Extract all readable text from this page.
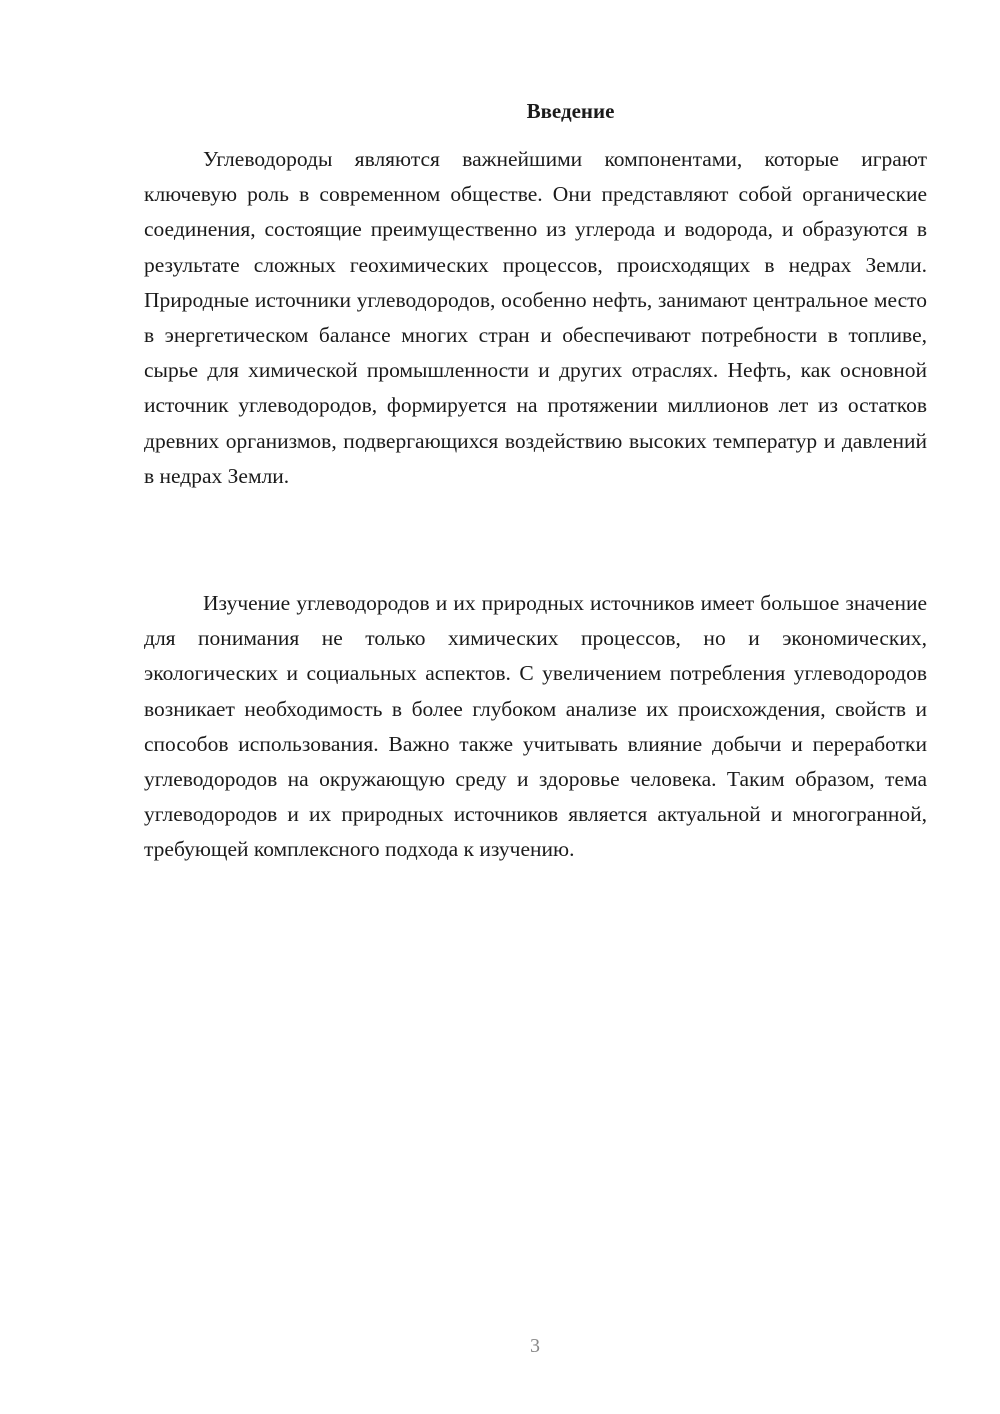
Введение

Углеводороды являются важнейшими компонентами, которые играют ключевую роль в современном обществе. Они представляют собой органические соединения, состоящие преимущественно из углерода и водорода, и образуются в результате сложных геохимических процессов, происходящих в недрах Земли. Природные источники углеводородов, особенно нефть, занимают центральное место в энергетическом балансе многих стран и обеспечивают потребности в топливе, сырье для химической промышленности и других отраслях. Нефть, как основной источник углеводородов, формируется на протяжении миллионов лет из остатков древних организмов, подвергающихся воздействию высоких температур и давлений в недрах Земли.

Изучение углеводородов и их природных источников имеет большое значение для понимания не только химических процессов, но и экономических, экологических и социальных аспектов. С увеличением потребления углеводородов возникает необходимость в более глубоком анализе их происхождения, свойств и способов использования. Важно также учитывать влияние добычи и переработки углеводородов на окружающую среду и здоровье человека. Таким образом, тема углеводородов и их природных источников является актуальной и многогранной, требующей комплексного подхода к изучению.

3
